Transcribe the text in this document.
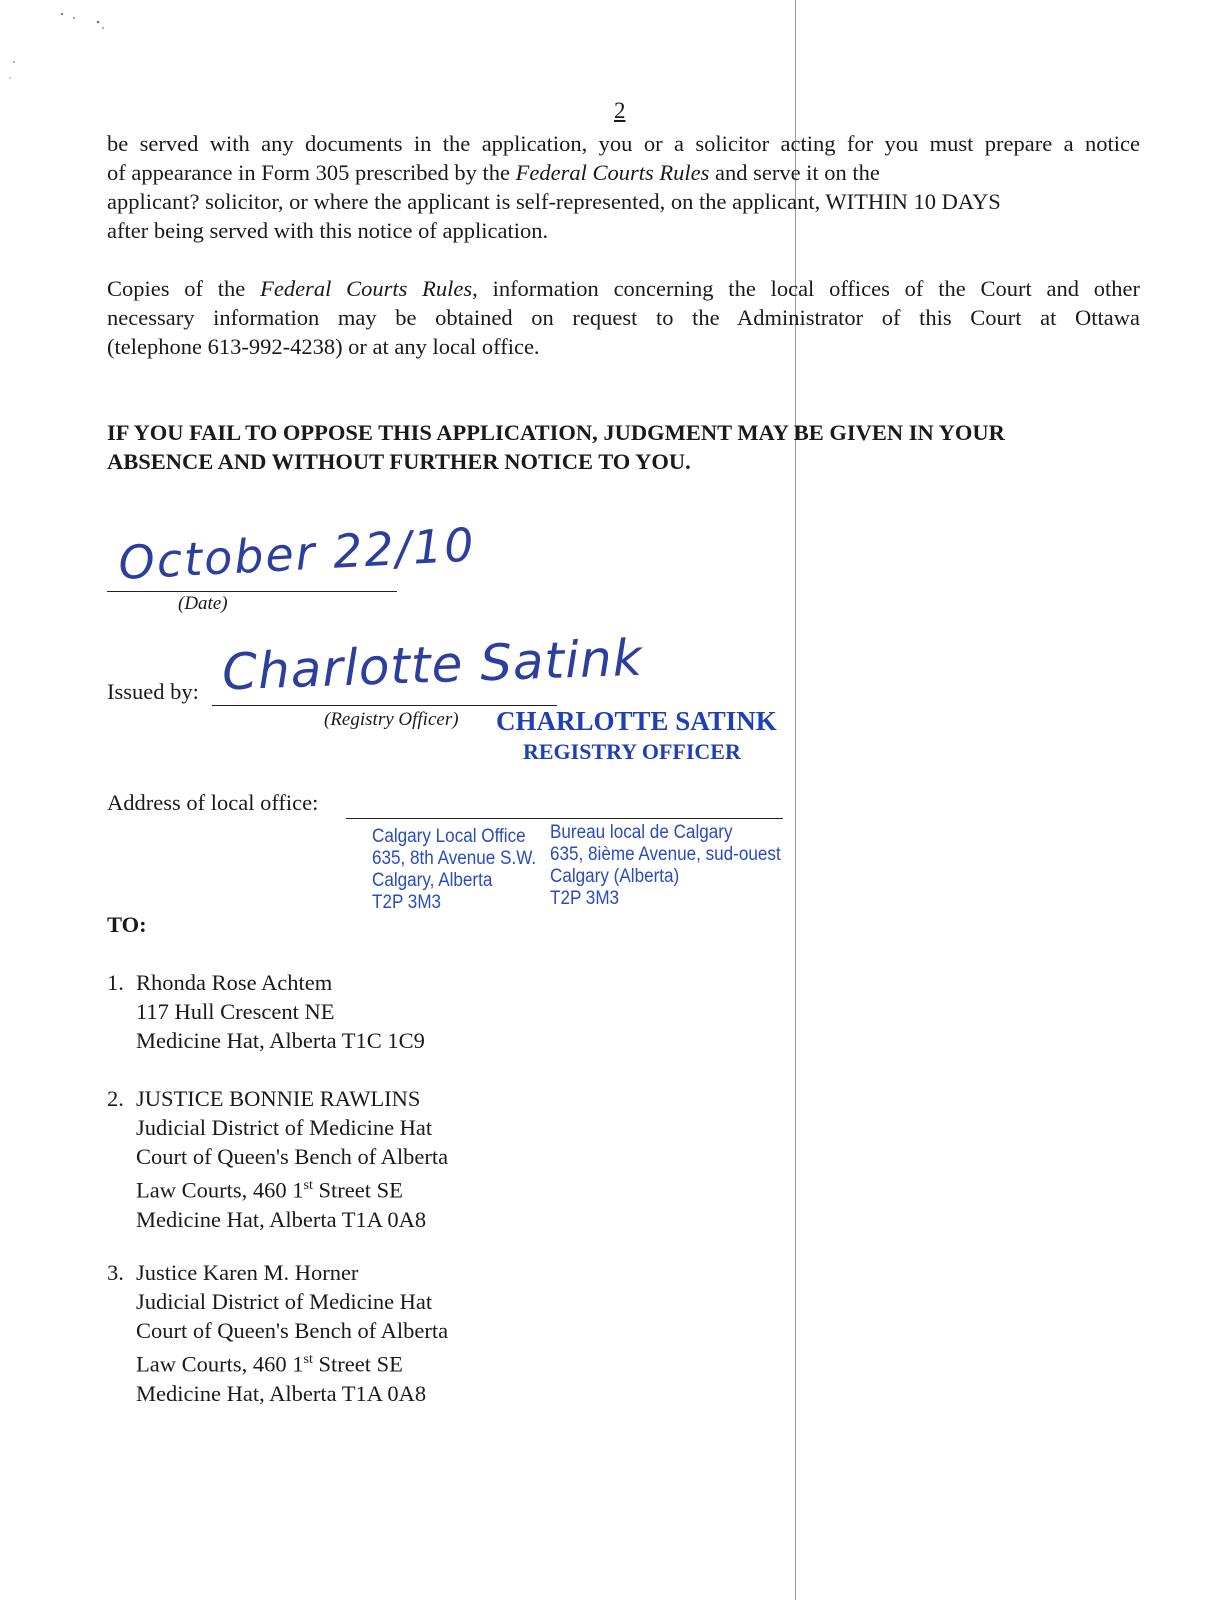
2

be served with any documents in the application, you or a solicitor acting for you must prepare a notice
of appearance in Form 305 prescribed by the Federal Courts Rules and serve it on the
applicant? solicitor, or where the applicant is self-represented, on the applicant, WITHIN 10 DAYS
after being served with this notice of application.

Copies of the Federal Courts Rules, information concerning the local offices of the Court and other
necessary information may be obtained on request to the Administrator of this Court at Ottawa
(telephone 613-992-4238) or at any local office.

IF YOU FAIL TO OPPOSE THIS APPLICATION, JUDGMENT MAY BE GIVEN IN YOUR
ABSENCE AND WITHOUT FURTHER NOTICE TO YOU.

October 22/10
(Date)
Issued by: Charlotte Satink
(Registry Officer) CHARLOTTE SATINK
REGISTRY OFFICER
Address of local office:
Calgary Local Office
635, 8th Avenue S.W.
Calgary, Alberta
T2P 3M3
Bureau local de Calgary
635, 8ième Avenue, sud-ouest
Calgary (Alberta)
T2P 3M3
TO:
1. Rhonda Rose Achtem
117 Hull Crescent NE
Medicine Hat, Alberta T1C 1C9
2. JUSTICE BONNIE RAWLINS
Judicial District of Medicine Hat
Court of Queen's Bench of Alberta
Law Courts, 460 1st Street SE
Medicine Hat, Alberta T1A 0A8
3. Justice Karen M. Horner
Judicial District of Medicine Hat
Court of Queen's Bench of Alberta
Law Courts, 460 1st Street SE
Medicine Hat, Alberta T1A 0A8
